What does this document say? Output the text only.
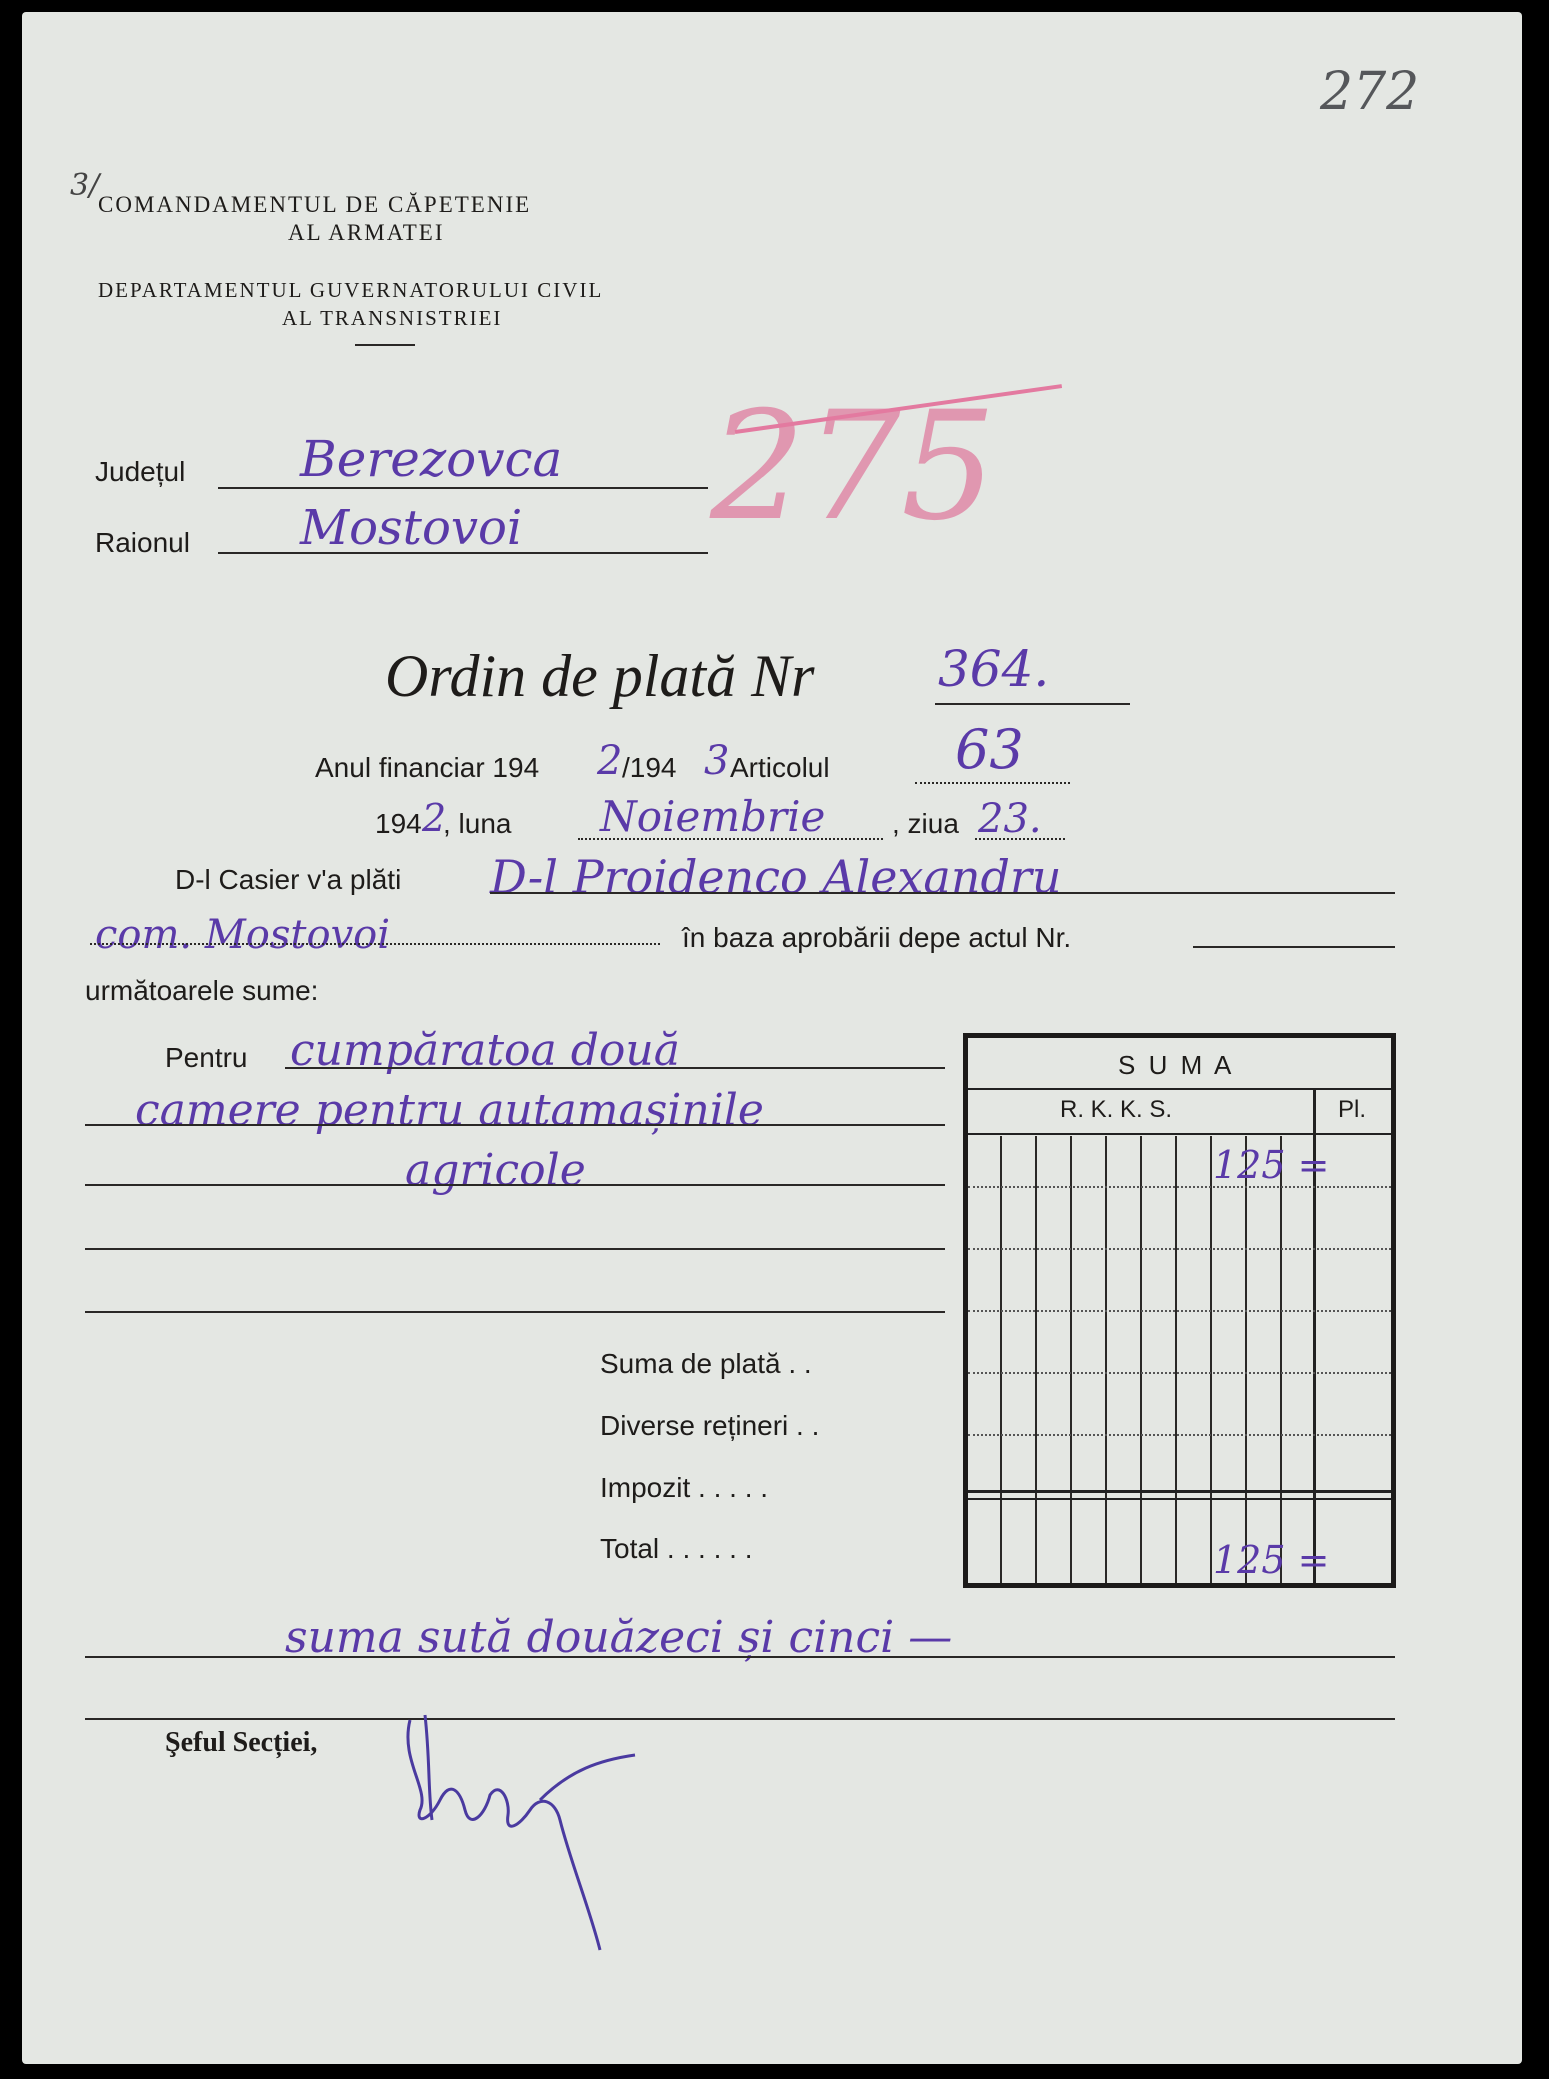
272
3/
COMANDAMENTUL DE CĂPETENIE
AL ARMATEI
DEPARTAMENTUL GUVERNATORULUI CIVIL
AL TRANSNISTRIEI
275
Județul Berezovca
Raionul Mostovoi
Ordin de plată Nr 364.
Anul financiar 194 2 /194 3 Articolul 63
194 2
, luna Noiembrie , ziua 23.
D-l Casier v'a plăti D-l Proidenco Alexandru
com. Mostovoi	în baza aprobării depe actul Nr.
următoarele sume:
Pentru cumpăratoa două
camere pentru autamașinile
agricole
Suma de plată . .
Diverse rețineri . .
Impozit . . . . .
Total . . . . . .
S U M A
R. K. K. S.	Pl.
125 =
125 =
suma sută douăzeci și cinci —
Şeful Secției,
